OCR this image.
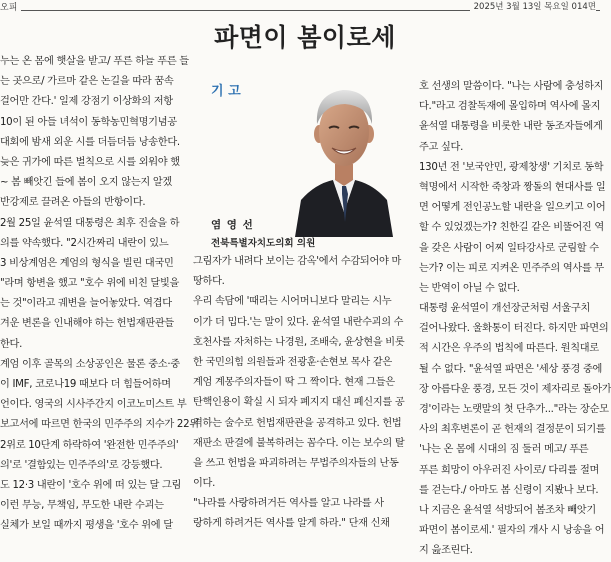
오피	2025년 3월 13일 목요일 014면
파면이 봄이로세

누는 온 몸에 햇살을 받고/ 푸른 하늘 푸른 들

는 곳으로/ 가르마 같은 논길을 따라 꿈속

걸어만 간다.' 일제 강점기 이상화의 저항

10이 된 아들 녀석이 동학농민혁명기념공

대회에 밤새 외운 시를 더듬더듬 낭송한다.

늦은 귀가에 따른 벌칙으로 시를 외워야 했

~ 봄 빼앗긴 들에 봄이 오지 않는지 알겠

반강제로 끌려온 아들의 반항이다.

2월 25일 윤석열 대통령은 최후 진술을 하

의를 약속했다. "2시간짜리 내란이 있느

3 비상계엄은 계엄의 형식을 빌린 대국민

"라며 항변을 했고 "호수 위에 비친 달빛을

는 것"이라고 궤변을 늘어놓았다. 역겹다

겨운 변론을 인내해야 하는 헌법재판관들

한다.

계엄 이후 골목의 소상공인은 물론 중소·중

이 IMF, 코로나19 때보다 더 힘들어하며

언이다. 영국의 시사주간지 이코노미스트 부

보고서에 따르면 한국의 민주주의 지수가 22위

2위로 10단계 하락하여 '완전한 민주주의'

의'로 '결함있는 민주주의'로 강등했다.

도 12·3 내란이 '호수 위에 떠 있는 달 그림

이런 무능, 무책임, 무도한 내란 수괴는

실체가 보일 때까지 평생을 '호수 위에 달

기 고
염 영 선
전북특별자치도의회 의원

그림자가 내려다 보이는 감옥'에서 수감되어야 마

땅하다.

우리 속담에 '때리는 시어머니보다 말리는 시누

이가 더 밉다.'는 말이 있다. 윤석열 내란수괴의 수

호천사를 자처하는 나경원, 조배숙, 윤상현을 비롯

한 국민의힘 의원들과 전광훈·손현보 목사 같은

계엄 계몽주의자들이 딱 그 짝이다. 현재 그들은

탄핵인용이 확실 시 되자 폐지지 대신 폐신지를 공

격하는 술수로 헌법재판관을 공격하고 있다. 헌법

재판소 판결에 불복하려는 꼼수다. 이는 보수의 탈

을 쓰고 헌법을 파괴하려는 무법주의자들의 난동

이다.

"나라를 사랑하려거든 역사를 알고 나라를 사

랑하게 하려거든 역사를 알게 하라." 단재 신채

호 선생의 말씀이다. "나는 사람에 충성하지

다."라고 검찰독재에 몰입하며 역사에 몰지

윤석열 대통령을 비롯한 내란 동조자들에게

주고 싶다.

130년 전 '보국안민, 광제창생' 기치로 동학

혁명에서 시작한 죽창과 짱돌의 현대사를 일

면 어떻게 전인공노할 내란을 일으키고 이어

할 수 있었겠는가? 친한길 같은 비뚤어진 역

을 갖은 사람이 어찌 일타강사로 군림할 수

는가? 이는 피로 지켜온 민주주의 역사를 무

는 반역이 아닐 수 없다.

대통령 윤석열이 개선장군처럼 서울구치

걸어나왔다. 울화통이 터진다. 하지만 파면의

적 시간은 우주의 법칙에 따른다. 원칙대로

될 수 없다. "윤석열 파면은 '세상 풍경 중에

장 아름다운 풍경, 모든 것이 제자리로 돌아가

경'이라는 노랫말의 첫 단추가..."라는 장순모

사의 최후변론이 곧 헌재의 결정문이 되기를

'나는 온 몸에 시대의 짐 둘러 메고/ 푸른

푸른 희망이 아우러진 사이로/ 다리를 절며

를 걷는다./ 아마도 봄 신령이 지봤나 보다.

나 지금은 윤석열 석방되어 봄조차 빼앗기

파면이 봄이로세.' 필자의 개사 시 낭송을 어

지 읊조린다.
